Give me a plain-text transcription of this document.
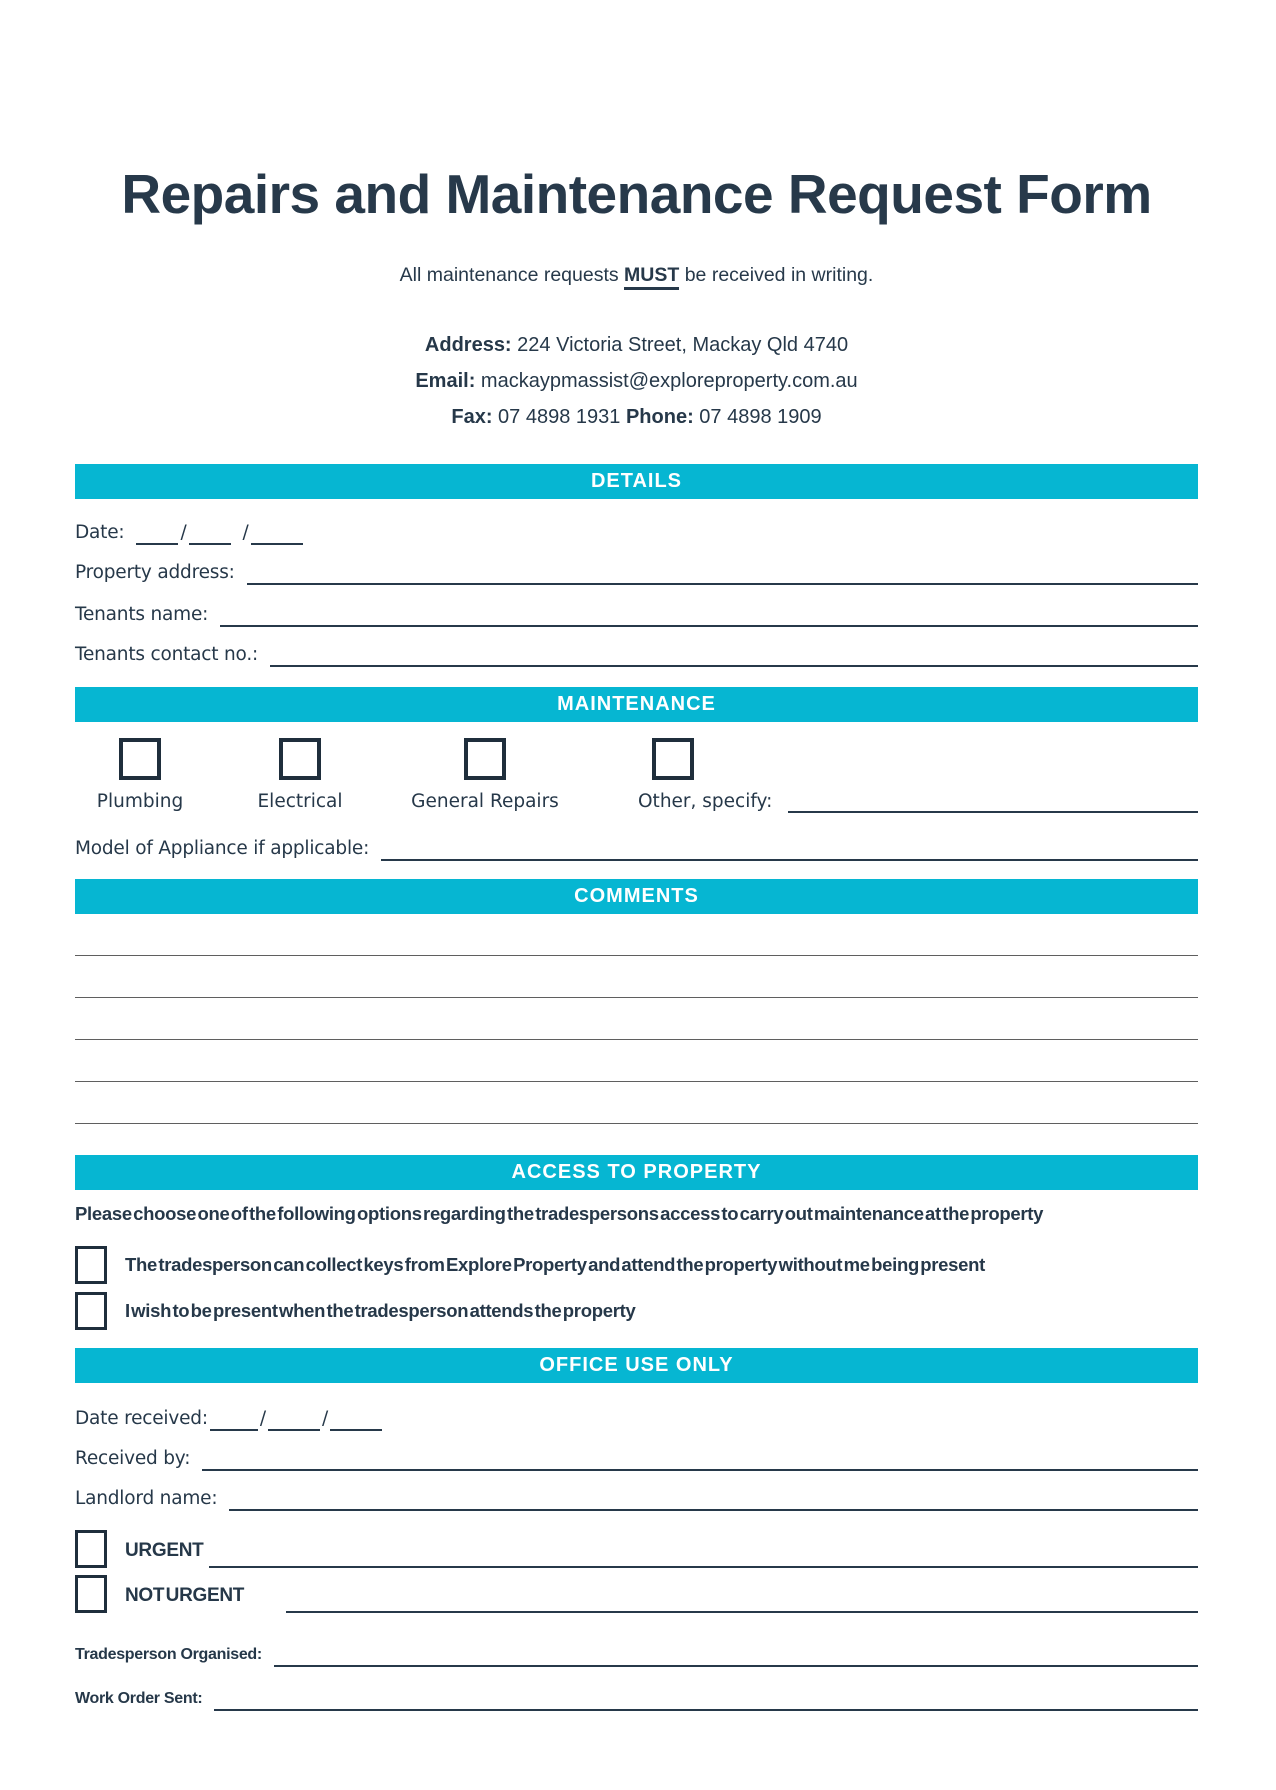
Repairs and Maintenance Request Form
All maintenance requests MUST be received in writing.
Address: 224 Victoria Street, Mackay Qld 4740
Email: mackaypmassist@exploreproperty.com.au
Fax: 07 4898 1931 Phone: 07 4898 1909
DETAILS
Date:	/	/
Property address:
Tenants name:
Tenants contact no.:
MAINTENANCE
Plumbing	Electrical	General Repairs	Other, specify:
Model of Appliance if applicable:
COMMENTS
ACCESS TO PROPERTY
Please choose one of the following options regarding the tradespersons access to carry out maintenance at the property
The tradesperson can collect keys from Explore Property and attend the property without me being present
I wish to be present when the tradesperson attends the property
OFFICE USE ONLY
Date received:	/	/
Received by:
Landlord name:
URGENT
NOT URGENT
Tradesperson Organised:
Work Order Sent:
